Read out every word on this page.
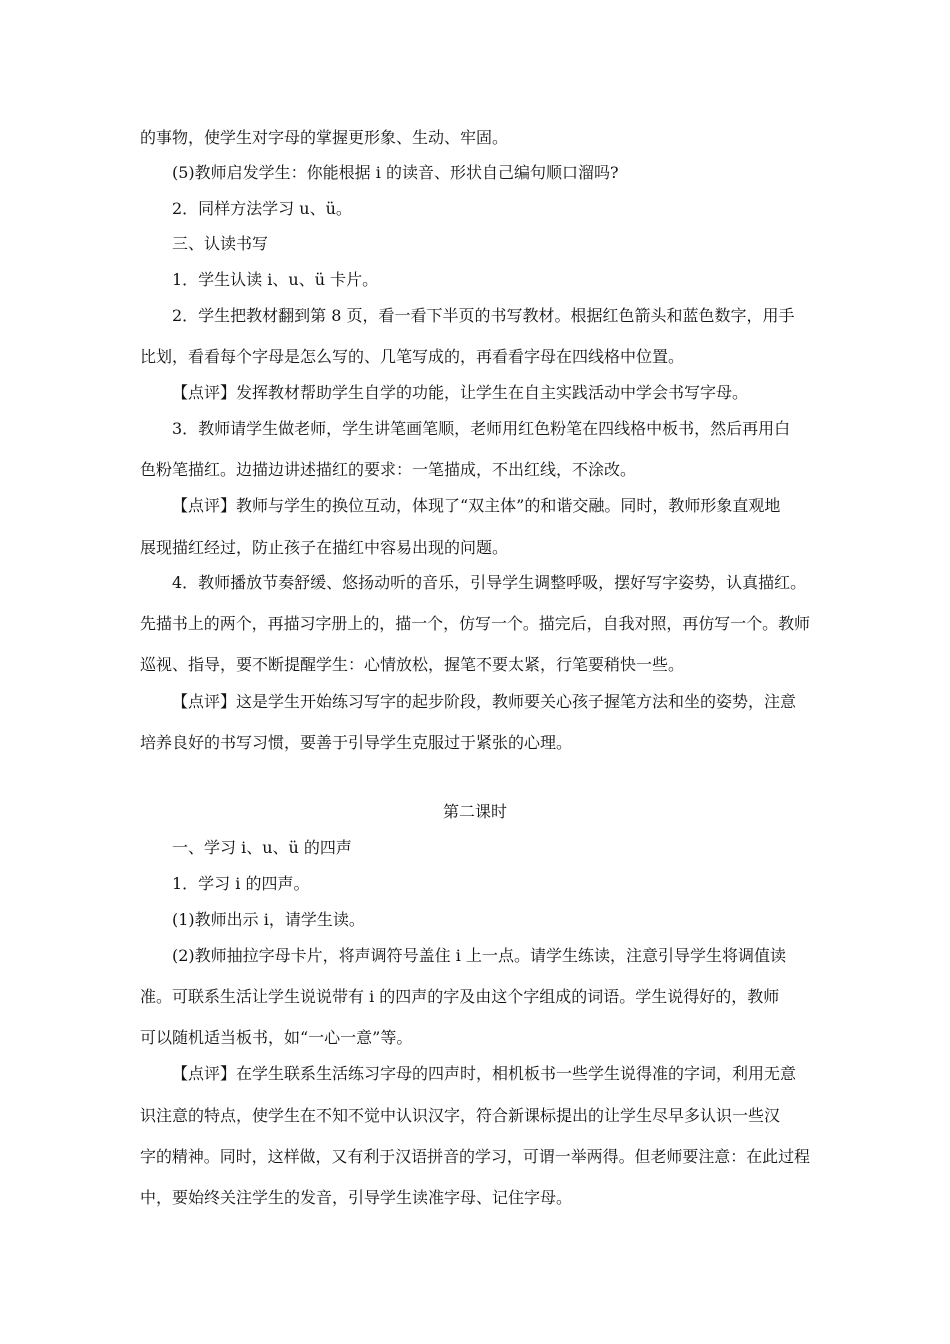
的事物，使学生对字母的掌握更形象、生动、牢固。
(5)教师启发学生：你能根据 i 的读音、形状自己编句顺口溜吗?
2．同样方法学习 u、ü。
三、认读书写
1．学生认读 i、u、ü 卡片。
2．学生把教材翻到第 8 页，看一看下半页的书写教材。根据红色箭头和蓝色数字，用手
比划，看看每个字母是怎么写的、几笔写成的，再看看字母在四线格中位置。
【点评】发挥教材帮助学生自学的功能，让学生在自主实践活动中学会书写字母。
3．教师请学生做老师，学生讲笔画笔顺，老师用红色粉笔在四线格中板书，然后再用白
色粉笔描红。边描边讲述描红的要求：一笔描成，不出红线，不涂改。
【点评】教师与学生的换位互动，体现了“双主体”的和谐交融。同时，教师形象直观地
展现描红经过，防止孩子在描红中容易出现的问题。
4．教师播放节奏舒缓、悠扬动听的音乐，引导学生调整呼吸，摆好写字姿势，认真描红。
先描书上的两个，再描习字册上的，描一个，仿写一个。描完后，自我对照，再仿写一个。教师
巡视、指导，要不断提醒学生：心情放松，握笔不要太紧，行笔要稍快一些。
【点评】这是学生开始练习写字的起步阶段，教师要关心孩子握笔方法和坐的姿势，注意
培养良好的书写习惯，要善于引导学生克服过于紧张的心理。
第二课时
一、学习 i、u、ü 的四声
1．学习 i 的四声。
(1)教师出示 i，请学生读。
(2)教师抽拉字母卡片，将声调符号盖住 i 上一点。请学生练读，注意引导学生将调值读
准。可联系生活让学生说说带有 i 的四声的字及由这个字组成的词语。学生说得好的，教师
可以随机适当板书，如“一心一意”等。
【点评】在学生联系生活练习字母的四声时，相机板书一些学生说得准的字词，利用无意
识注意的特点，使学生在不知不觉中认识汉字，符合新课标提出的让学生尽早多认识一些汉
字的精神。同时，这样做，又有利于汉语拼音的学习，可谓一举两得。但老师要注意：在此过程
中，要始终关注学生的发音，引导学生读准字母、记住字母。
